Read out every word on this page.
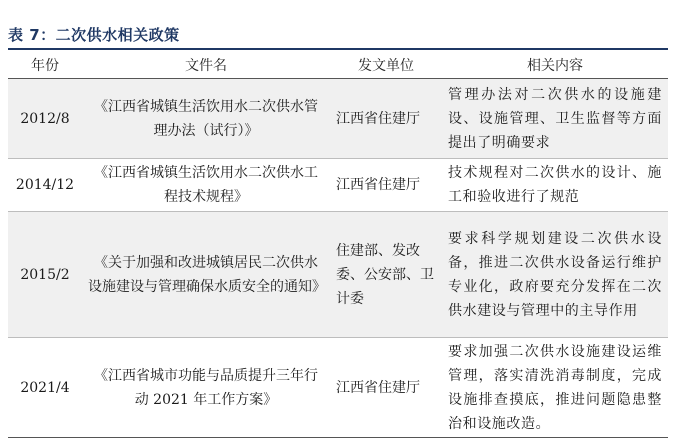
表 7：二次供水相关政策
年份	文件名	发文单位	相关内容
2012/8	《江西省城镇生活饮用水二次供水管理办法（试行）》	江西省住建厅	管理办法对二次供水的设施建设、设施管理、卫生监督等方面提出了明确要求
2014/12	《江西省城镇生活饮用水二次供水工程技术规程》	江西省住建厅	技术规程对二次供水的设计、施工和验收进行了规范
2015/2	《关于加强和改进城镇居民二次供水设施建设与管理确保水质安全的通知》	住建部、发改委、公安部、卫计委	要求科学规划建设二次供水设备，推进二次供水设备运行维护专业化，政府要充分发挥在二次供水建设与管理中的主导作用
2021/4	《江西省城市功能与品质提升三年行动 2021 年工作方案》	江西省住建厅	要求加强二次供水设施建设运维管理，落实清洗消毒制度，完成设施排查摸底，推进问题隐患整治和设施改造。
